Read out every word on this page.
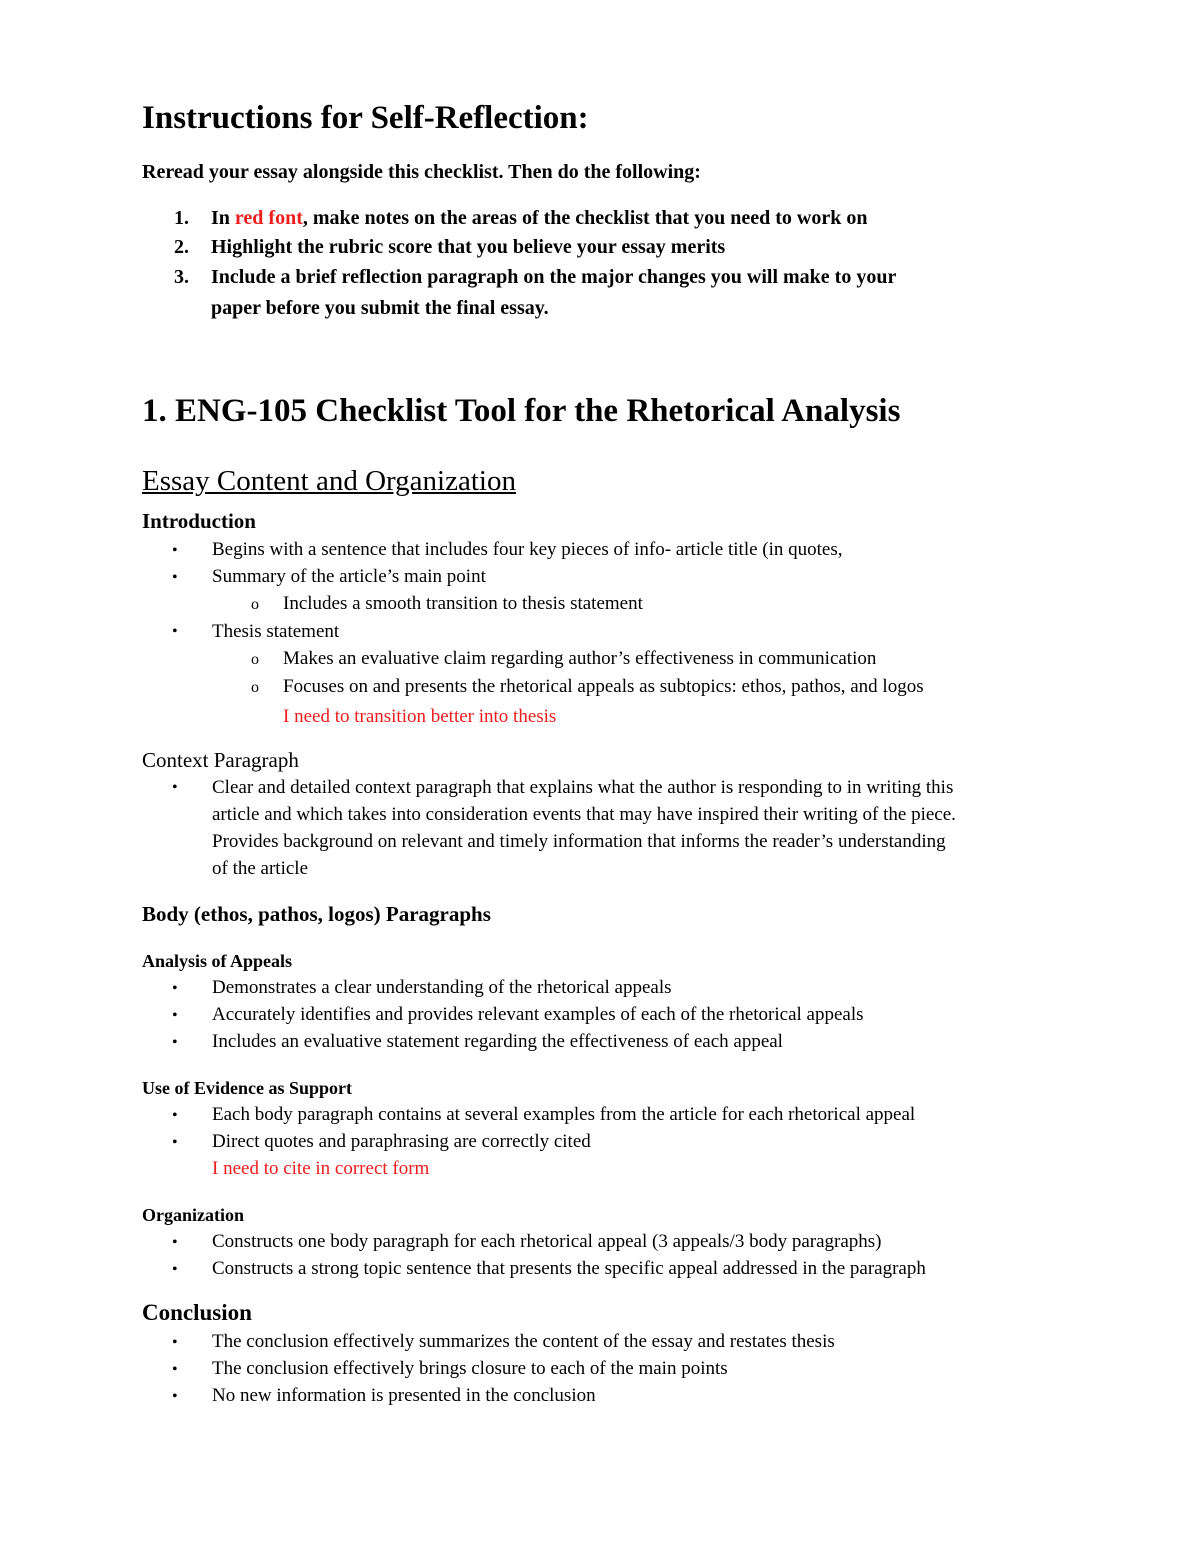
Instructions for Self-Reflection:
Reread your essay alongside this checklist. Then do the following:
1. In red font, make notes on the areas of the checklist that you need to work on
2. Highlight the rubric score that you believe your essay merits
3. Include a brief reflection paragraph on the major changes you will make to your
paper before you submit the final essay.
1. ENG-105 Checklist Tool for the Rhetorical Analysis
Essay Content and Organization
Introduction
• Begins with a sentence that includes four key pieces of info- article title (in quotes,
• Summary of the article’s main point
o Includes a smooth transition to thesis statement
• Thesis statement
o Makes an evaluative claim regarding author’s effectiveness in communication
o Focuses on and presents the rhetorical appeals as subtopics: ethos, pathos, and logos
I need to transition better into thesis
Context Paragraph
• Clear and detailed context paragraph that explains what the author is responding to in writing this
article and which takes into consideration events that may have inspired their writing of the piece.
Provides background on relevant and timely information that informs the reader’s understanding
of the article
Body (ethos, pathos, logos) Paragraphs
Analysis of Appeals
• Demonstrates a clear understanding of the rhetorical appeals
• Accurately identifies and provides relevant examples of each of the rhetorical appeals
• Includes an evaluative statement regarding the effectiveness of each appeal
Use of Evidence as Support
• Each body paragraph contains at several examples from the article for each rhetorical appeal
• Direct quotes and paraphrasing are correctly cited
I need to cite in correct form
Organization
• Constructs one body paragraph for each rhetorical appeal (3 appeals/3 body paragraphs)
• Constructs a strong topic sentence that presents the specific appeal addressed in the paragraph
Conclusion
• The conclusion effectively summarizes the content of the essay and restates thesis
• The conclusion effectively brings closure to each of the main points
• No new information is presented in the conclusion
